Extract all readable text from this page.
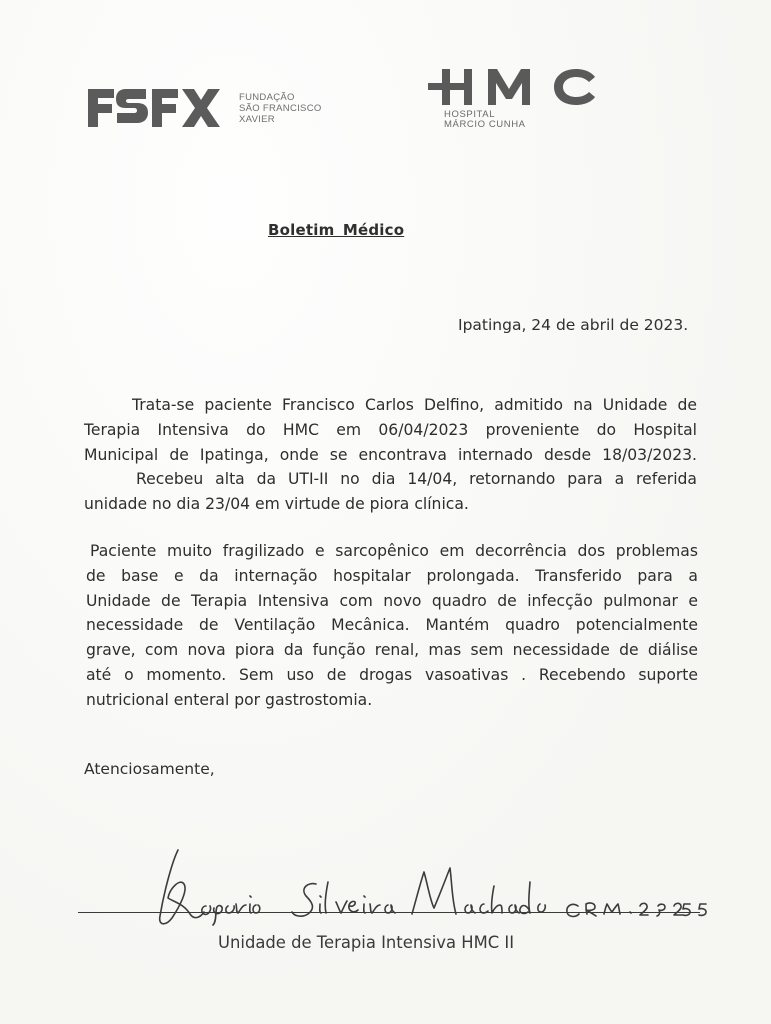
FUNDAÇÃO
SÃO FRANCISCO
XAVIER	HOSPITAL
MÁRCIO CUNHA
Boletim Médico
Ipatinga, 24 de abril de 2023.

Trata-se paciente Francisco Carlos Delfino, admitido na Unidade de
Terapia Intensiva do HMC em 06/04/2023 proveniente do Hospital
Municipal de Ipatinga, onde se encontrava internado desde 18/03/2023.
Recebeu alta da UTI-II no dia 14/04, retornando para a referida
unidade no dia 23/04 em virtude de piora clínica.

Paciente muito fragilizado e sarcopênico em decorrência dos problemas
de base e da internação hospitalar prolongada. Transferido para a
Unidade de Terapia Intensiva com novo quadro de infecção pulmonar e
necessidade de Ventilação Mecânica. Mantém quadro potencialmente
grave, com nova piora da função renal, mas sem necessidade de diálise
até o momento. Sem uso de drogas vasoativas . Recebendo suporte
nutricional enteral por gastrostomia.

Atenciosamente,
Unidade de Terapia Intensiva HMC II
